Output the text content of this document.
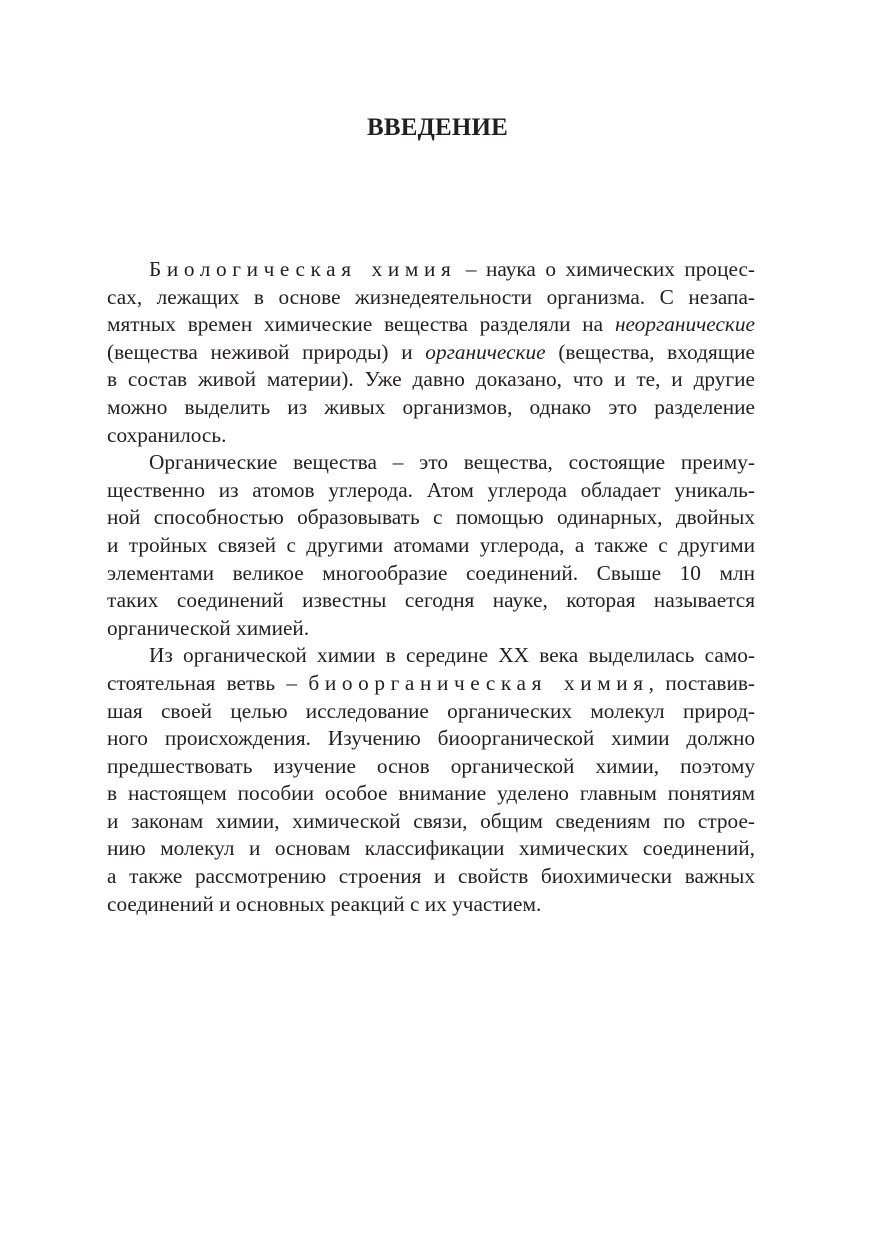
ВВЕДЕНИЕ
Биологическая химия – наука о химических процес-
сах, лежащих в основе жизнедеятельности организма. С незапа-
мятных времен химические вещества разделяли на неорганические
(вещества неживой природы) и органические (вещества, входящие
в состав живой материи). Уже давно доказано, что и те, и другие
можно выделить из живых организмов, однако это разделение
сохранилось.
Органические вещества – это вещества, состоящие преиму-
щественно из атомов углерода. Атом углерода обладает уникаль-
ной способностью образовывать с помощью одинарных, двойных
и тройных связей с другими атомами углерода, а также с другими
элементами великое многообразие соединений. Свыше 10 млн
таких соединений известны сегодня науке, которая называется
органической химией.
Из органической химии в середине XX века выделилась само-
стоятельная ветвь – биоорганическая химия, поставив-
шая своей целью исследование органических молекул природ-
ного происхождения. Изучению биоорганической химии должно
предшествовать изучение основ органической химии, поэтому
в настоящем пособии особое внимание уделено главным понятиям
и законам химии, химической связи, общим сведениям по строе-
нию молекул и основам классификации химических соединений,
а также рассмотрению строения и свойств биохимически важных
соединений и основных реакций с их участием.
